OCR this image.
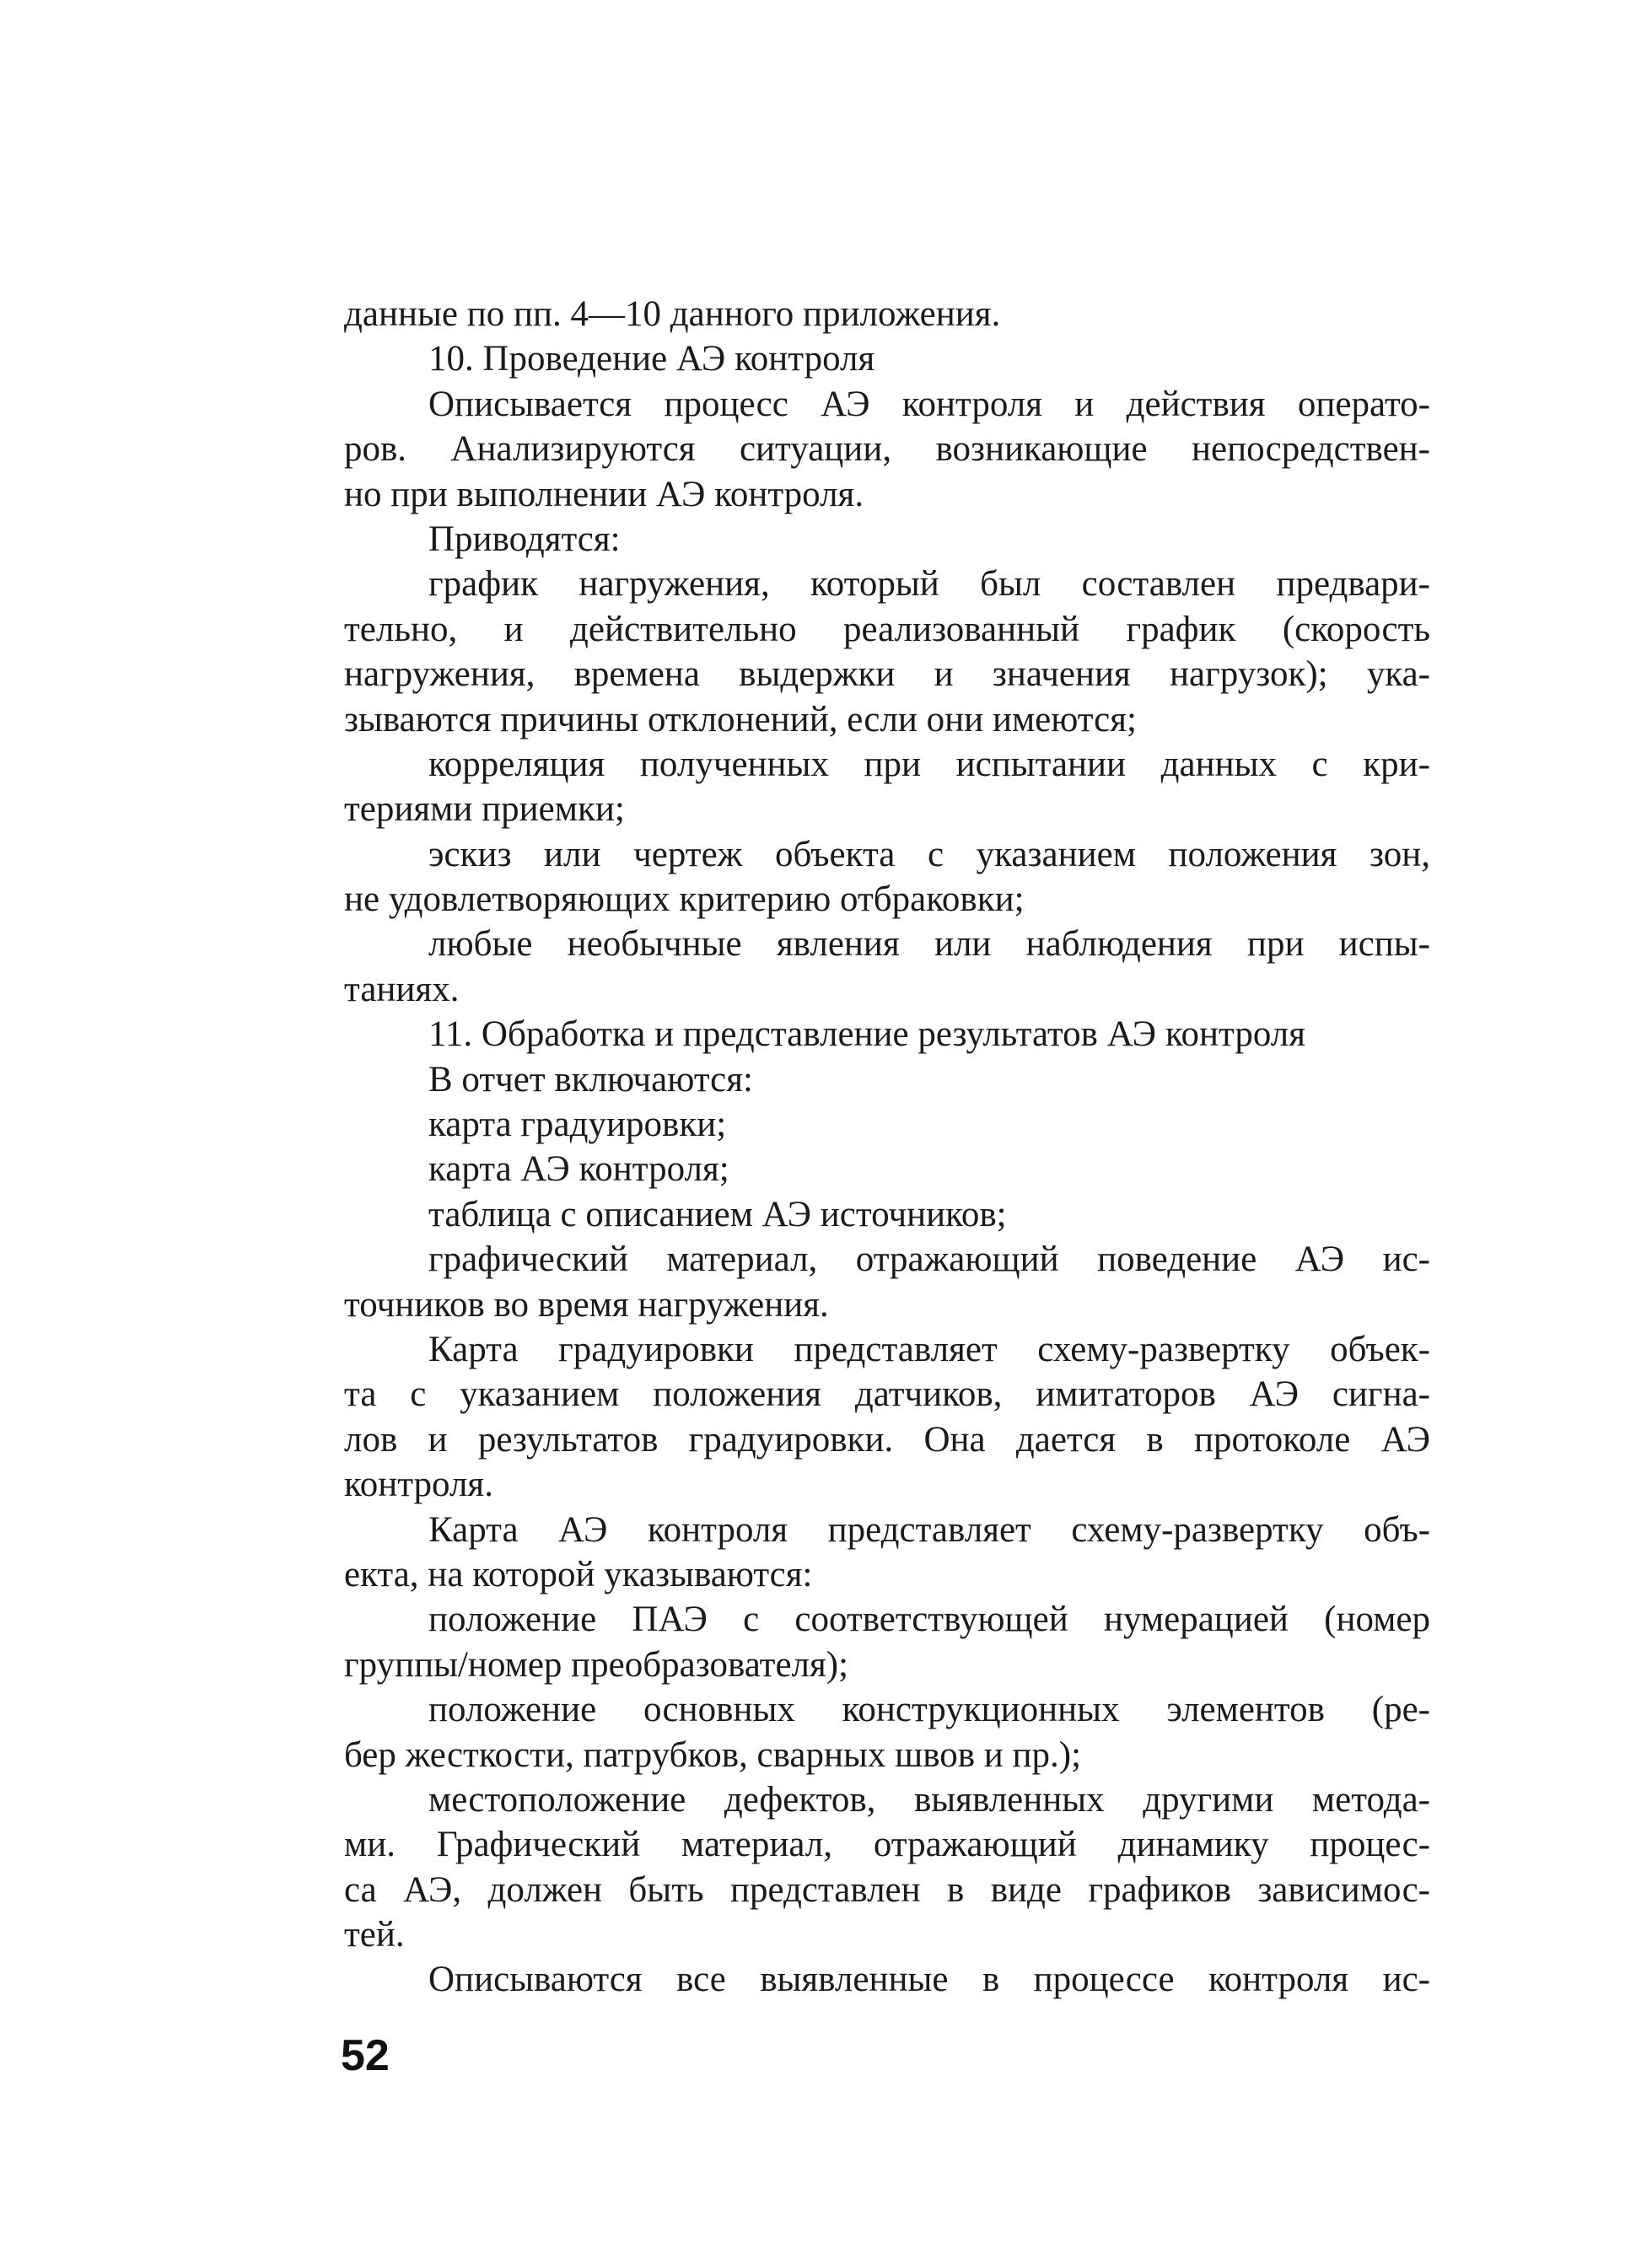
данные по пп. 4—10 данного приложения.
10. Проведение АЭ контроля
Описывается процесс АЭ контроля и действия операто-
ров. Анализируются ситуации, возникающие непосредствен-
но при выполнении АЭ контроля.
Приводятся:
график нагружения, который был составлен предвари-
тельно, и действительно реализованный график (скорость
нагружения, времена выдержки и значения нагрузок); ука-
зываются причины отклонений, если они имеются;
корреляция полученных при испытании данных с кри-
териями приемки;
эскиз или чертеж объекта с указанием положения зон,
не удовлетворяющих критерию отбраковки;
любые необычные явления или наблюдения при испы-
таниях.
11. Обработка и представление результатов АЭ контроля
В отчет включаются:
карта градуировки;
карта АЭ контроля;
таблица с описанием АЭ источников;
графический материал, отражающий поведение АЭ ис-
точников во время нагружения.
Карта градуировки представляет схему-развертку объек-
та с указанием положения датчиков, имитаторов АЭ сигна-
лов и результатов градуировки. Она дается в протоколе АЭ
контроля.
Карта АЭ контроля представляет схему-развертку объ-
екта, на которой указываются:
положение ПАЭ с соответствующей нумерацией (номер
группы/номер преобразователя);
положение основных конструкционных элементов (ре-
бер жесткости, патрубков, сварных швов и пр.);
местоположение дефектов, выявленных другими метода-
ми. Графический материал, отражающий динамику процес-
са АЭ, должен быть представлен в виде графиков зависимос-
тей.
Описываются все выявленные в процессе контроля ис-
52
